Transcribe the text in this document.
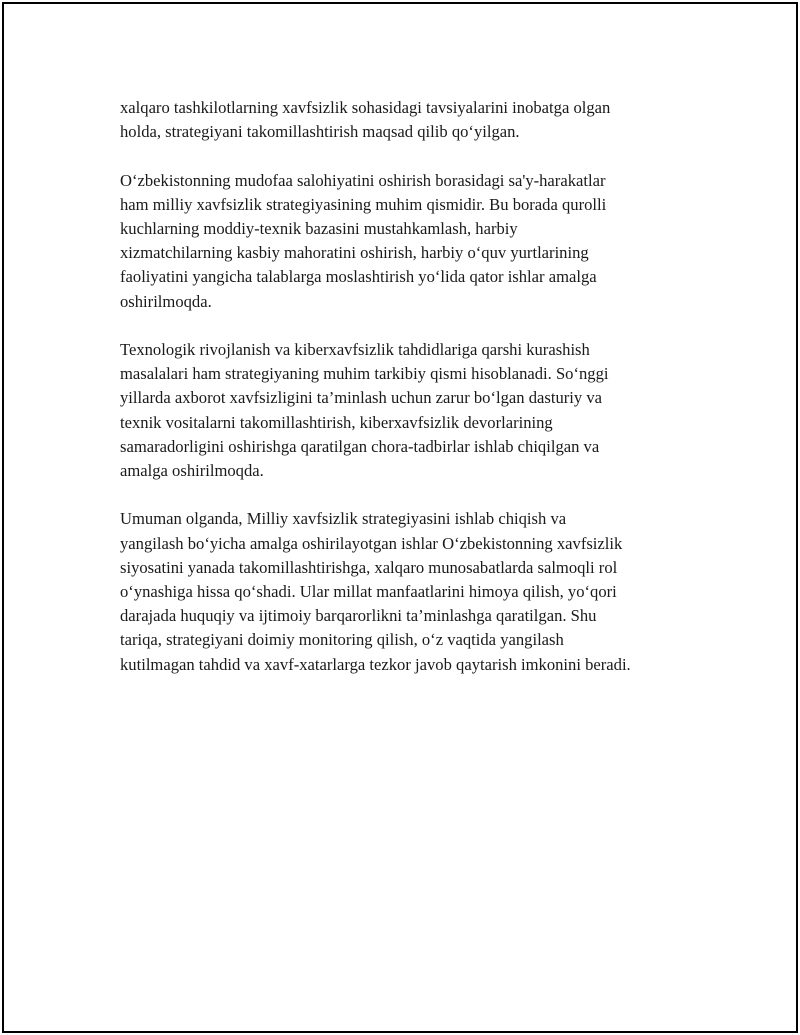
xalqaro tashkilotlarning xavfsizlik sohasidagi tavsiyalarini inobatga olgan
holda, strategiyani takomillashtirish maqsad qilib qo‘yilgan.

O‘zbekistonning mudofaa salohiyatini oshirish borasidagi sa'y-harakatlar
ham milliy xavfsizlik strategiyasining muhim qismidir. Bu borada qurolli
kuchlarning moddiy-texnik bazasini mustahkamlash, harbiy
xizmatchilarning kasbiy mahoratini oshirish, harbiy o‘quv yurtlarining
faoliyatini yangicha talablarga moslashtirish yo‘lida qator ishlar amalga
oshirilmoqda.

Texnologik rivojlanish va kiberxavfsizlik tahdidlariga qarshi kurashish
masalalari ham strategiyaning muhim tarkibiy qismi hisoblanadi. So‘nggi
yillarda axborot xavfsizligini ta’minlash uchun zarur bo‘lgan dasturiy va
texnik vositalarni takomillashtirish, kiberxavfsizlik devorlarining
samaradorligini oshirishga qaratilgan chora-tadbirlar ishlab chiqilgan va
amalga oshirilmoqda.

Umuman olganda, Milliy xavfsizlik strategiyasini ishlab chiqish va
yangilash bo‘yicha amalga oshirilayotgan ishlar O‘zbekistonning xavfsizlik
siyosatini yanada takomillashtirishga, xalqaro munosabatlarda salmoqli rol
o‘ynashiga hissa qo‘shadi. Ular millat manfaatlarini himoya qilish, yo‘qori
darajada huquqiy va ijtimoiy barqarorlikni ta’minlashga qaratilgan. Shu
tariqa, strategiyani doimiy monitoring qilish, o‘z vaqtida yangilash
kutilmagan tahdid va xavf-xatarlarga tezkor javob qaytarish imkonini beradi.
